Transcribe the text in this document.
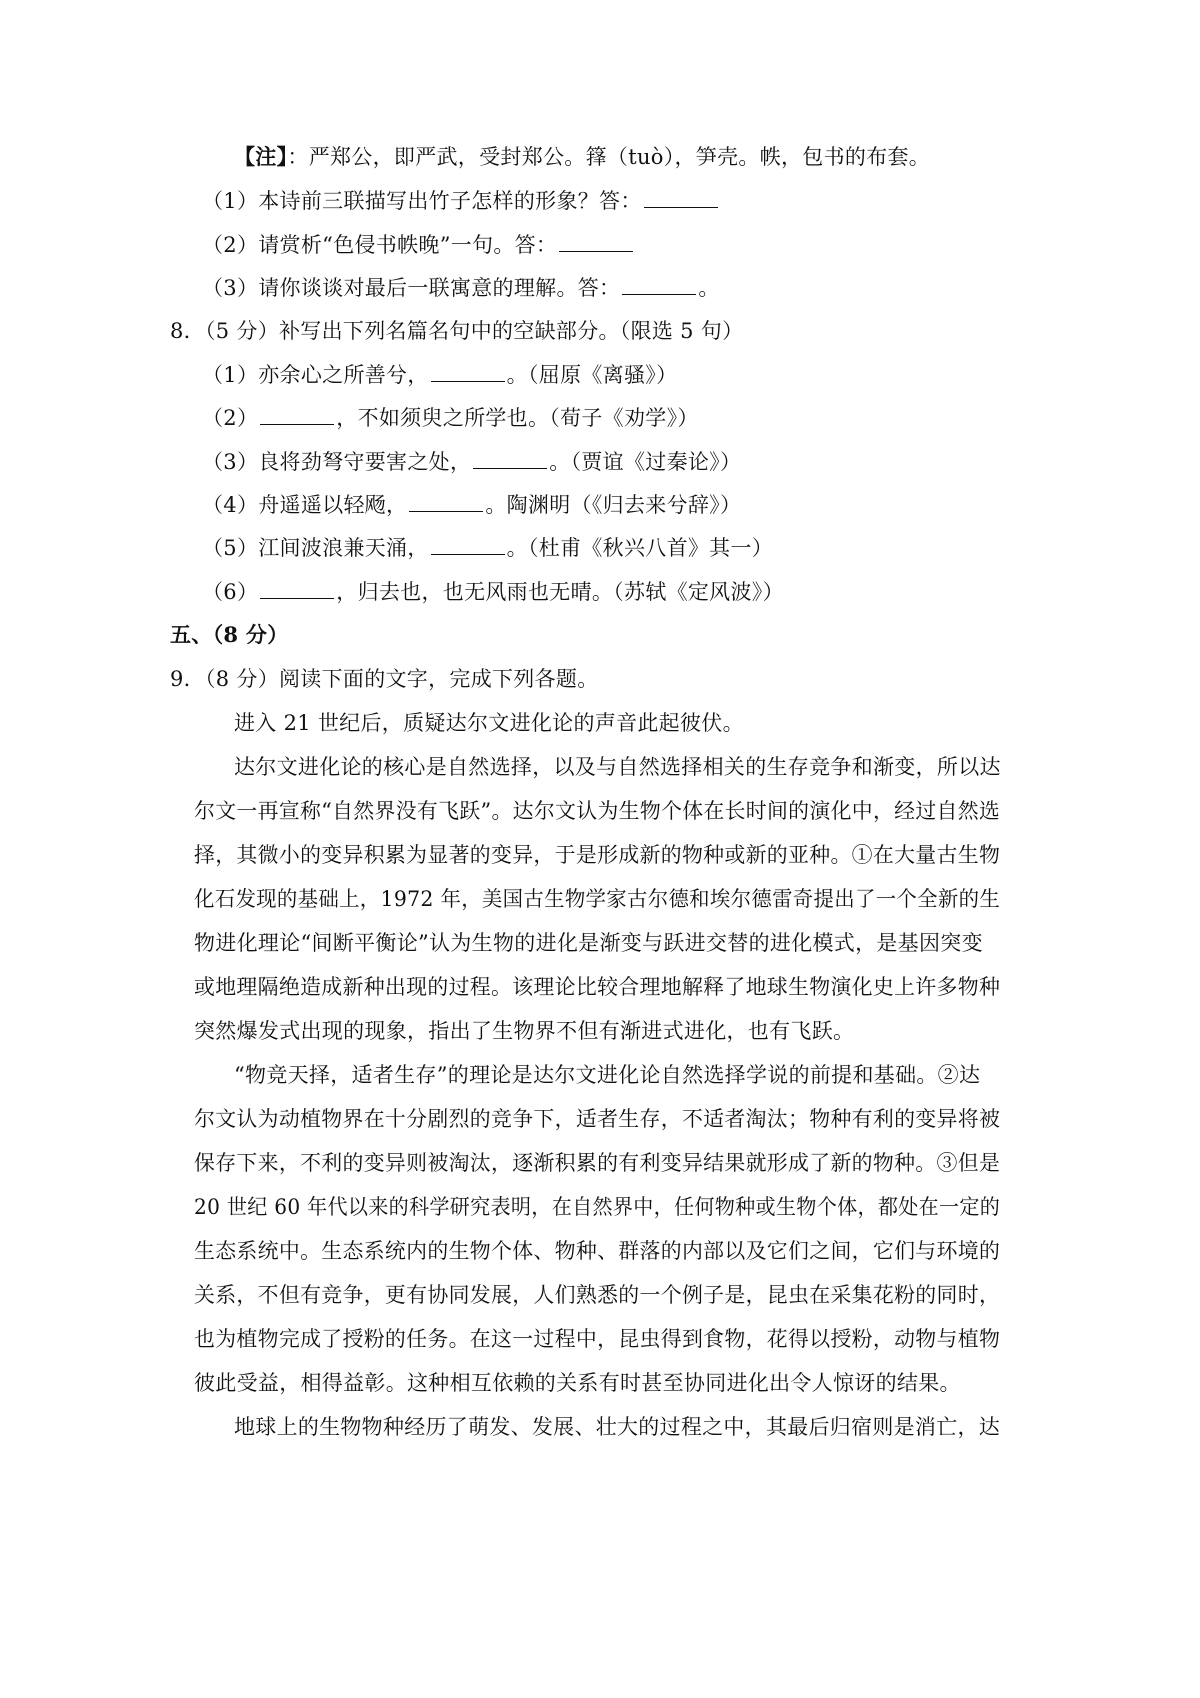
【注】：严郑公，即严武，受封郑公。箨（tuò），笋壳。帙，包书的布套。
（1）本诗前三联描写出竹子怎样的形象？答：
（2）请赏析“色侵书帙晚”一句。答：
（3）请你谈谈对最后一联寓意的理解。答：	。
8．（5 分）补写出下列名篇名句中的空缺部分。（限选 5 句）
（1）亦余心之所善兮，	。（屈原《离骚》）
（2）	，不如须臾之所学也。（荀子《劝学》）
（3）良将劲弩守要害之处，	。（贾谊《过秦论》）
（4）舟遥遥以轻飏，	。陶渊明（《归去来兮辞》）
（5）江间波浪兼天涌，	。（杜甫《秋兴八首》其一）
（6）	，归去也，也无风雨也无晴。（苏轼《定风波》）
五、（8 分）
9．（8 分）阅读下面的文字，完成下列各题。
进入 21 世纪后，质疑达尔文进化论的声音此起彼伏。
达尔文进化论的核心是自然选择，以及与自然选择相关的生存竞争和渐变，所以达
尔文一再宣称“自然界没有飞跃”。达尔文认为生物个体在长时间的演化中，经过自然选
择，其微小的变异积累为显著的变异，于是形成新的物种或新的亚种。①在大量古生物
化石发现的基础上，1972 年，美国古生物学家古尔德和埃尔德雷奇提出了一个全新的生
物进化理论“间断平衡论”认为生物的进化是渐变与跃进交替的进化模式，是基因突变
或地理隔绝造成新种出现的过程。该理论比较合理地解释了地球生物演化史上许多物种
突然爆发式出现的现象，指出了生物界不但有渐进式进化，也有飞跃。
“物竞天择，适者生存”的理论是达尔文进化论自然选择学说的前提和基础。②达
尔文认为动植物界在十分剧烈的竞争下，适者生存，不适者淘汰；物种有利的变异将被
保存下来，不利的变异则被淘汰，逐渐积累的有利变异结果就形成了新的物种。③但是
20 世纪 60 年代以来的科学研究表明，在自然界中，任何物种或生物个体，都处在一定的
生态系统中。生态系统内的生物个体、物种、群落的内部以及它们之间，它们与环境的
关系，不但有竞争，更有协同发展，人们熟悉的一个例子是，昆虫在采集花粉的同时，
也为植物完成了授粉的任务。在这一过程中，昆虫得到食物，花得以授粉，动物与植物
彼此受益，相得益彰。这种相互依赖的关系有时甚至协同进化出令人惊讶的结果。
地球上的生物物种经历了萌发、发展、壮大的过程之中，其最后归宿则是消亡，达
